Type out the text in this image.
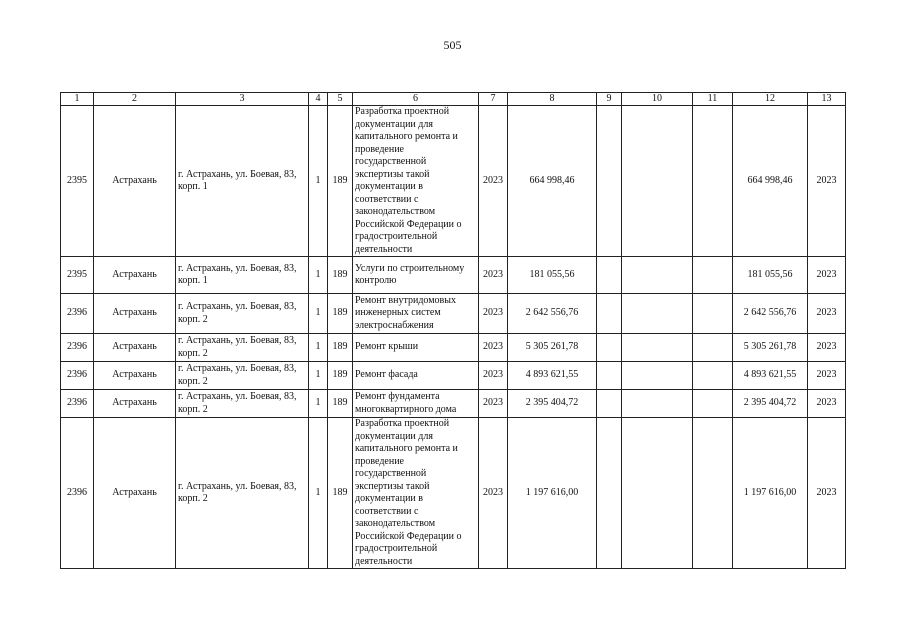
505
1	2	3	4	5	6	7	8	9	10	11	12	13
2395	Астрахань	г. Астрахань, ул. Боевая, 83, корп. 1	1	189	Разработка проектной документации для капитального ремонта и проведение государственной экспертизы такой документации в соответствии с законодательством Российской Федерации о градостроительной деятельности	2023	664 998,46				664 998,46	2023
2395	Астрахань	г. Астрахань, ул. Боевая, 83, корп. 1	1	189	Услуги по строительному контролю	2023	181 055,56				181 055,56	2023
2396	Астрахань	г. Астрахань, ул. Боевая, 83, корп. 2	1	189	Ремонт внутридомовых инженерных систем электроснабжения	2023	2 642 556,76				2 642 556,76	2023
2396	Астрахань	г. Астрахань, ул. Боевая, 83, корп. 2	1	189	Ремонт крыши	2023	5 305 261,78				5 305 261,78	2023
2396	Астрахань	г. Астрахань, ул. Боевая, 83, корп. 2	1	189	Ремонт фасада	2023	4 893 621,55				4 893 621,55	2023
2396	Астрахань	г. Астрахань, ул. Боевая, 83, корп. 2	1	189	Ремонт фундамента многоквартирного дома	2023	2 395 404,72				2 395 404,72	2023
2396	Астрахань	г. Астрахань, ул. Боевая, 83, корп. 2	1	189	Разработка проектной документации для капитального ремонта и проведение государственной экспертизы такой документации в соответствии с законодательством Российской Федерации о градостроительной деятельности	2023	1 197 616,00				1 197 616,00	2023
